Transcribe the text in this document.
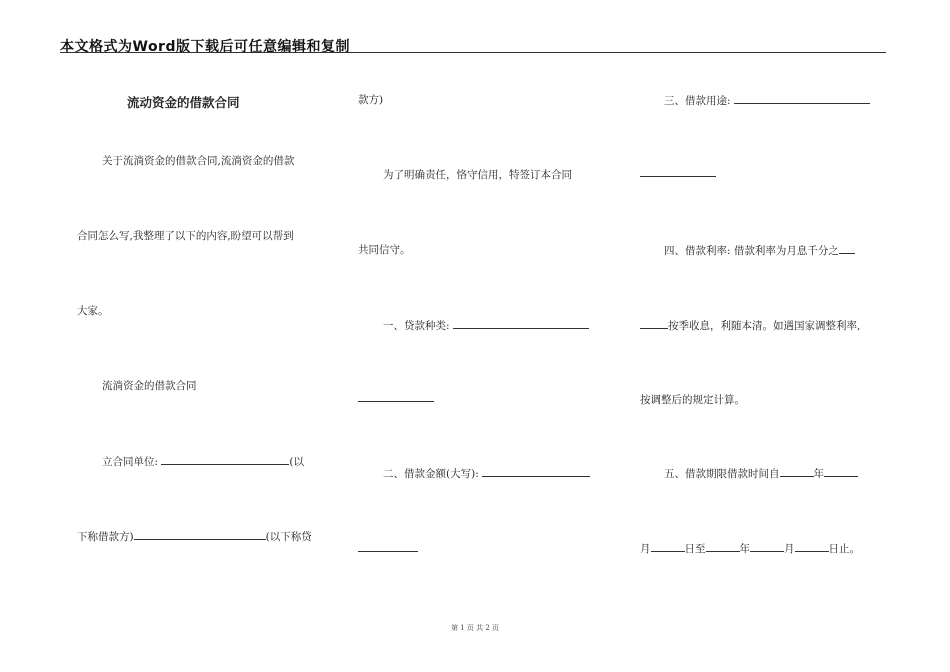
本文格式为Word版下载后可任意编辑和复制
流动资金的借款合同
关于流淌资金的借款合同,流淌资金的借款
合同怎么写,我整理了以下的内容,盼望可以帮到
大家。
流淌资金的借款合同
立合同单位:	(以
下称借款方)	(以下称贷
款方)
为了明确责任，恪守信用，特签订本合同
共同信守。
一、贷款种类:
二、借款金额(大写):
三、借款用途:
四、借款利率: 借款利率为月息千分之
按季收息，利随本清。如遇国家调整利率,
按调整后的规定计算。
五、借款期限借款时间自	年
月	日至	年	月	日止。
第 1 页 共 2 页
